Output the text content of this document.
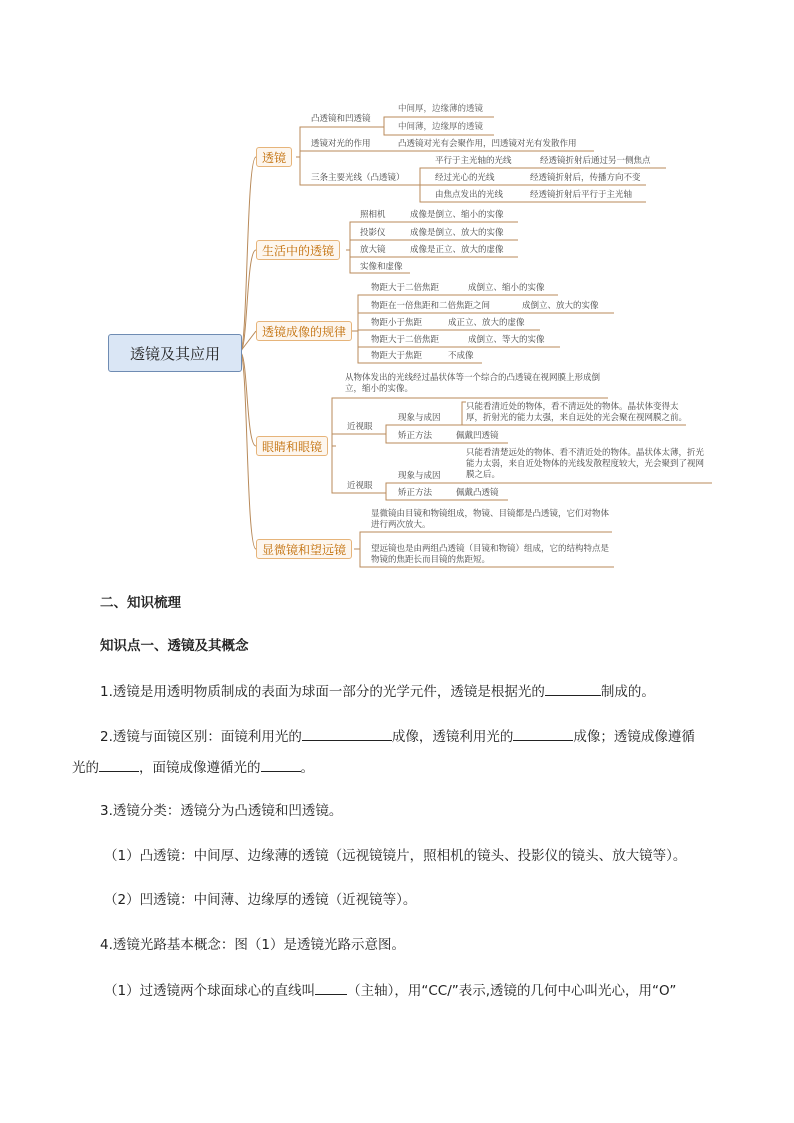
透镜及其应用
透镜
凸透镜和凹透镜
中间厚，边缘薄的透镜
中间薄，边缘厚的透镜
透镜对光的作用	凸透镜对光有会聚作用，凹透镜对光有发散作用
三条主要光线（凸透镜）
平行于主光轴的光线	经透镜折射后通过另一侧焦点
经过光心的光线	经透镜折射后，传播方向不变
由焦点发出的光线	经透镜折射后平行于主光轴
生活中的透镜
照相机	成像是倒立、缩小的实像
投影仪	成像是倒立、放大的实像
放大镜	成像是正立、放大的虚像
实像和虚像
透镜成像的规律
物距大于二倍焦距	成倒立、缩小的实像
物距在一倍焦距和二倍焦距之间	成倒立、放大的实像
物距小于焦距	成正立、放大的虚像
物距大于二倍焦距	成倒立、等大的实像
物距大于焦距	不成像
眼睛和眼镜
从物体发出的光线经过晶状体等一个综合的凸透镜在视网膜上形成倒立，缩小的实像。
近视眼
现象与成因
只能看清近处的物体，看不清远处的物体。晶状体变得太厚，折射光的能力太强，来自远处的光会聚在视网膜之前。
矫正方法	佩戴凹透镜
近视眼
现象与成因
只能看清楚远处的物体、看不清近处的物体。晶状体太薄，折光能力太弱，来自近处物体的光线发散程度较大，光会聚到了视网膜之后。
矫正方法	佩戴凸透镜
显微镜和望远镜
显微镜由目镜和物镜组成，物镜、目镜都是凸透镜，它们对物体进行两次放大。
望远镜也是由两组凸透镜（目镜和物镜）组成，它的结构特点是物镜的焦距长而目镜的焦距短。
二、知识梳理
知识点一、透镜及其概念
1.透镜是用透明物质制成的表面为球面一部分的光学元件，透镜是根据光的	制成的。
2.透镜与面镜区别：面镜利用光的	成像，透镜利用光的	成像；透镜成像遵循
光的	，面镜成像遵循光的	。
3.透镜分类：透镜分为凸透镜和凹透镜。
（1）凸透镜：中间厚、边缘薄的透镜（远视镜镜片，照相机的镜头、投影仪的镜头、放大镜等）。
（2）凹透镜：中间薄、边缘厚的透镜（近视镜等）。
4.透镜光路基本概念：图（1）是透镜光路示意图。
（1）过透镜两个球面球心的直线叫 （主轴），用“CC/”表示,透镜的几何中心叫光心，用“O”
